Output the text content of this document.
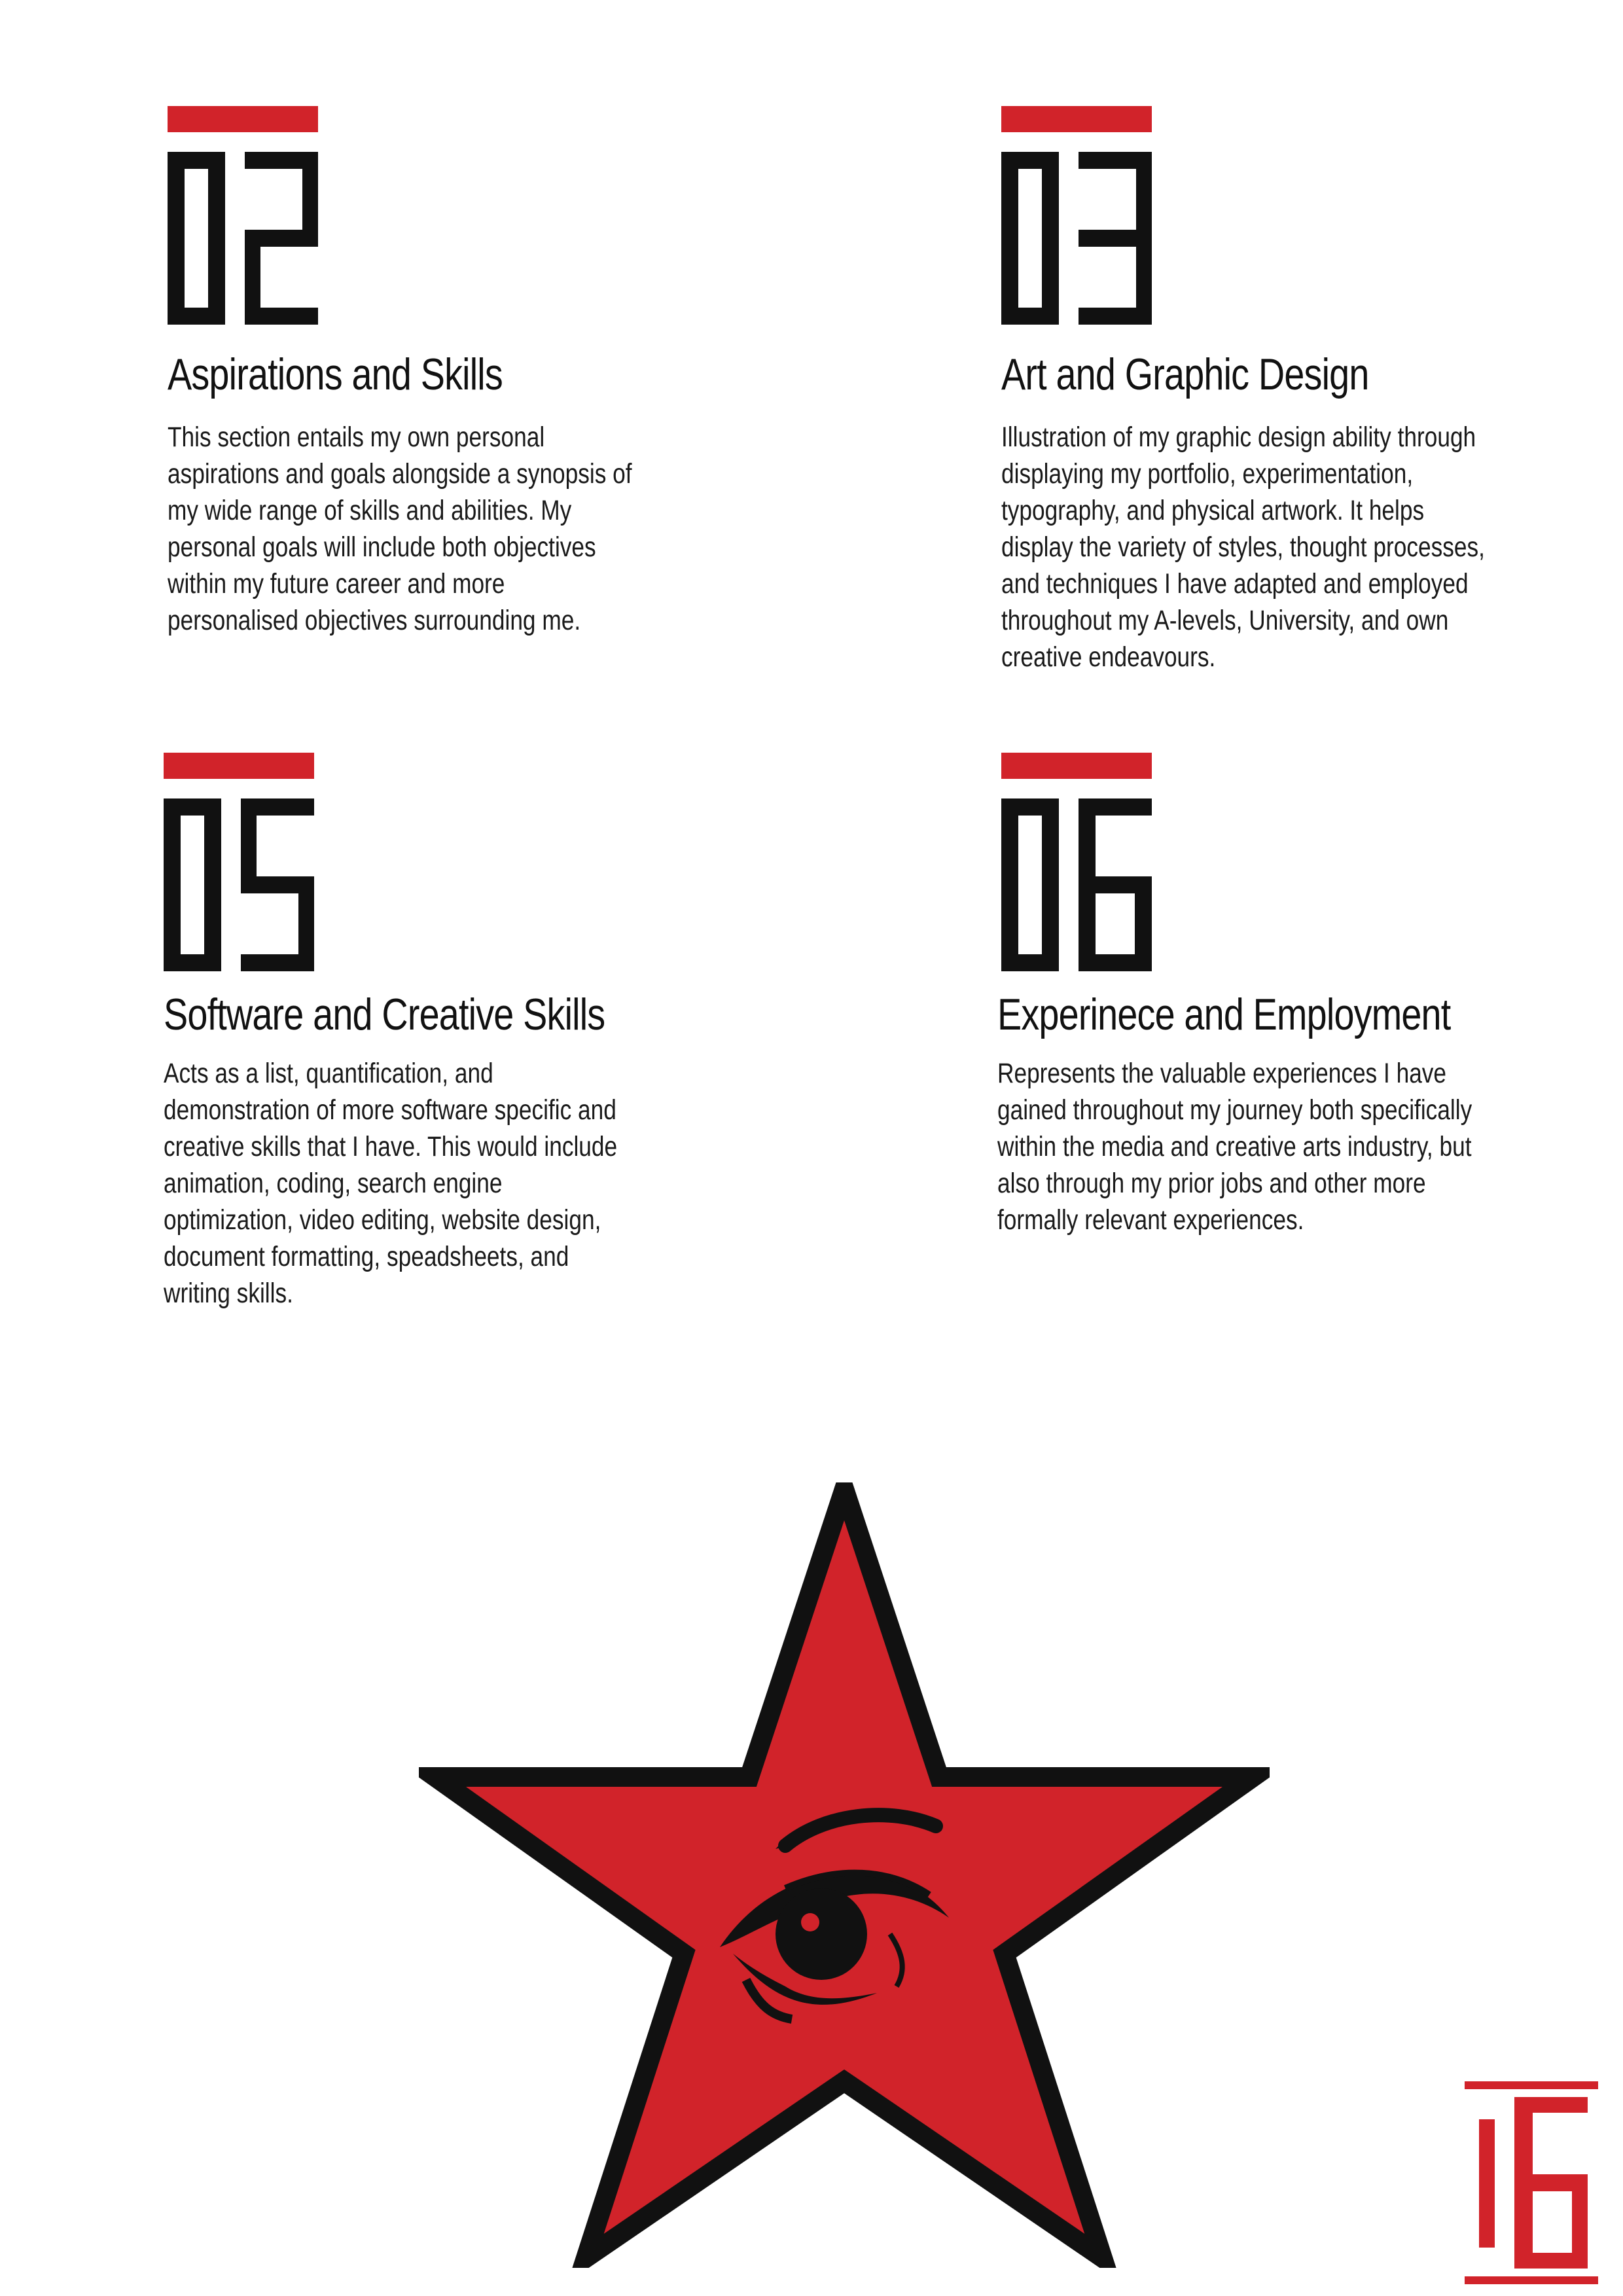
Aspirations and Skills

This section entails my own personal
aspirations and goals alongside a synopsis of
my wide range of skills and abilities. My
personal goals will include both objectives
within my future career and more
personalised objectives surrounding me.

Art and Graphic Design

Illustration of my graphic design ability through
displaying my portfolio, experimentation,
typography, and physical artwork. It helps
display the variety of styles, thought processes,
and techniques I have adapted and employed
throughout my A-levels, University, and own
creative endeavours.

Software and Creative Skills

Acts as a list, quantification, and
demonstration of more software specific and
creative skills that I have. This would include
animation, coding, search engine
optimization, video editing, website design,
document formatting, speadsheets, and
writing skills.

Experinece and Employment

Represents the valuable experiences I have
gained throughout my journey both specifically
within the media and creative arts industry, but
also through my prior jobs and other more
formally relevant experiences.
